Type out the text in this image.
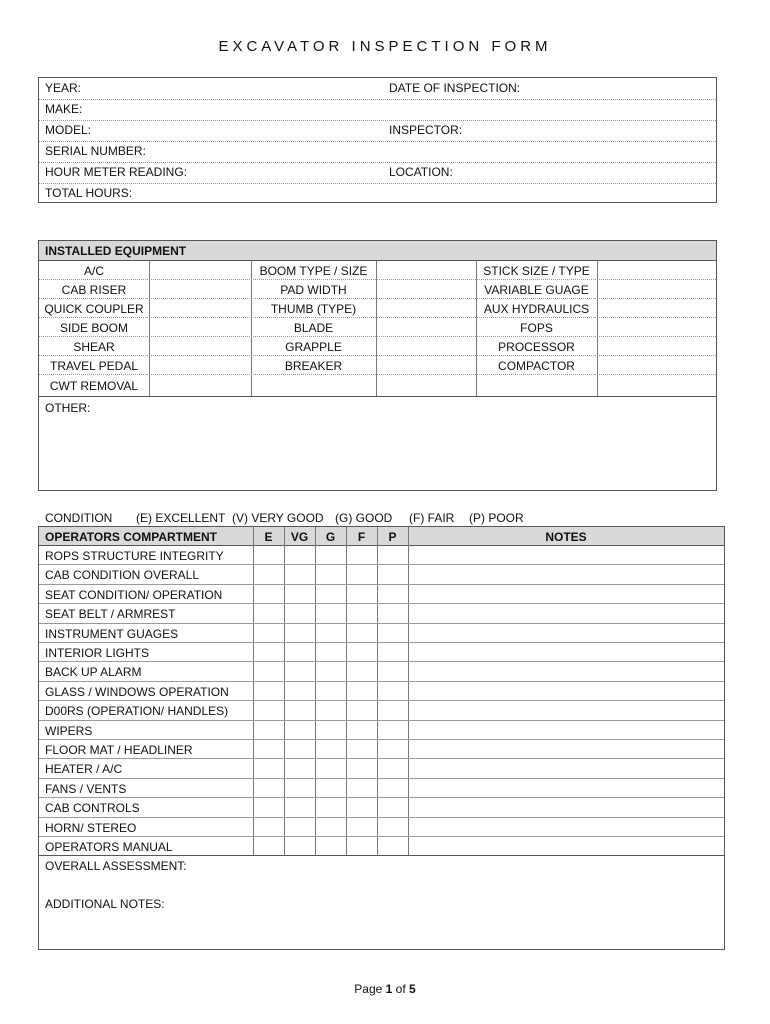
EXCAVATOR INSPECTION FORM
YEAR:	DATE OF INSPECTION:
MAKE:
MODEL:	INSPECTOR:
SERIAL NUMBER:
HOUR METER READING:	LOCATION:
TOTAL HOURS:
INSTALLED EQUIPMENT
A/C	BOOM TYPE / SIZE	STICK SIZE / TYPE
CAB RISER	PAD WIDTH	VARIABLE GUAGE
QUICK COUPLER	THUMB (TYPE)	AUX HYDRAULICS
SIDE BOOM	BLADE	FOPS
SHEAR	GRAPPLE	PROCESSOR
TRAVEL PEDAL	BREAKER	COMPACTOR
CWT REMOVAL
OTHER:
CONDITION (E) EXCELLENT (V) VERY GOOD (G) GOOD (F) FAIR (P) POOR
OPERATORS COMPARTMENT	E	VG	G	F	P	NOTES
ROPS STRUCTURE INTEGRITY
CAB CONDITION OVERALL
SEAT CONDITION/ OPERATION
SEAT BELT / ARMREST
INSTRUMENT GUAGES
INTERIOR LIGHTS
BACK UP ALARM
GLASS / WINDOWS OPERATION
D00RS (OPERATION/ HANDLES)
WIPERS
FLOOR MAT / HEADLINER
HEATER / A/C
FANS / VENTS
CAB CONTROLS
HORN/ STEREO
OPERATORS MANUAL
OVERALL ASSESSMENT:
ADDITIONAL NOTES:
Page 1 of 5
